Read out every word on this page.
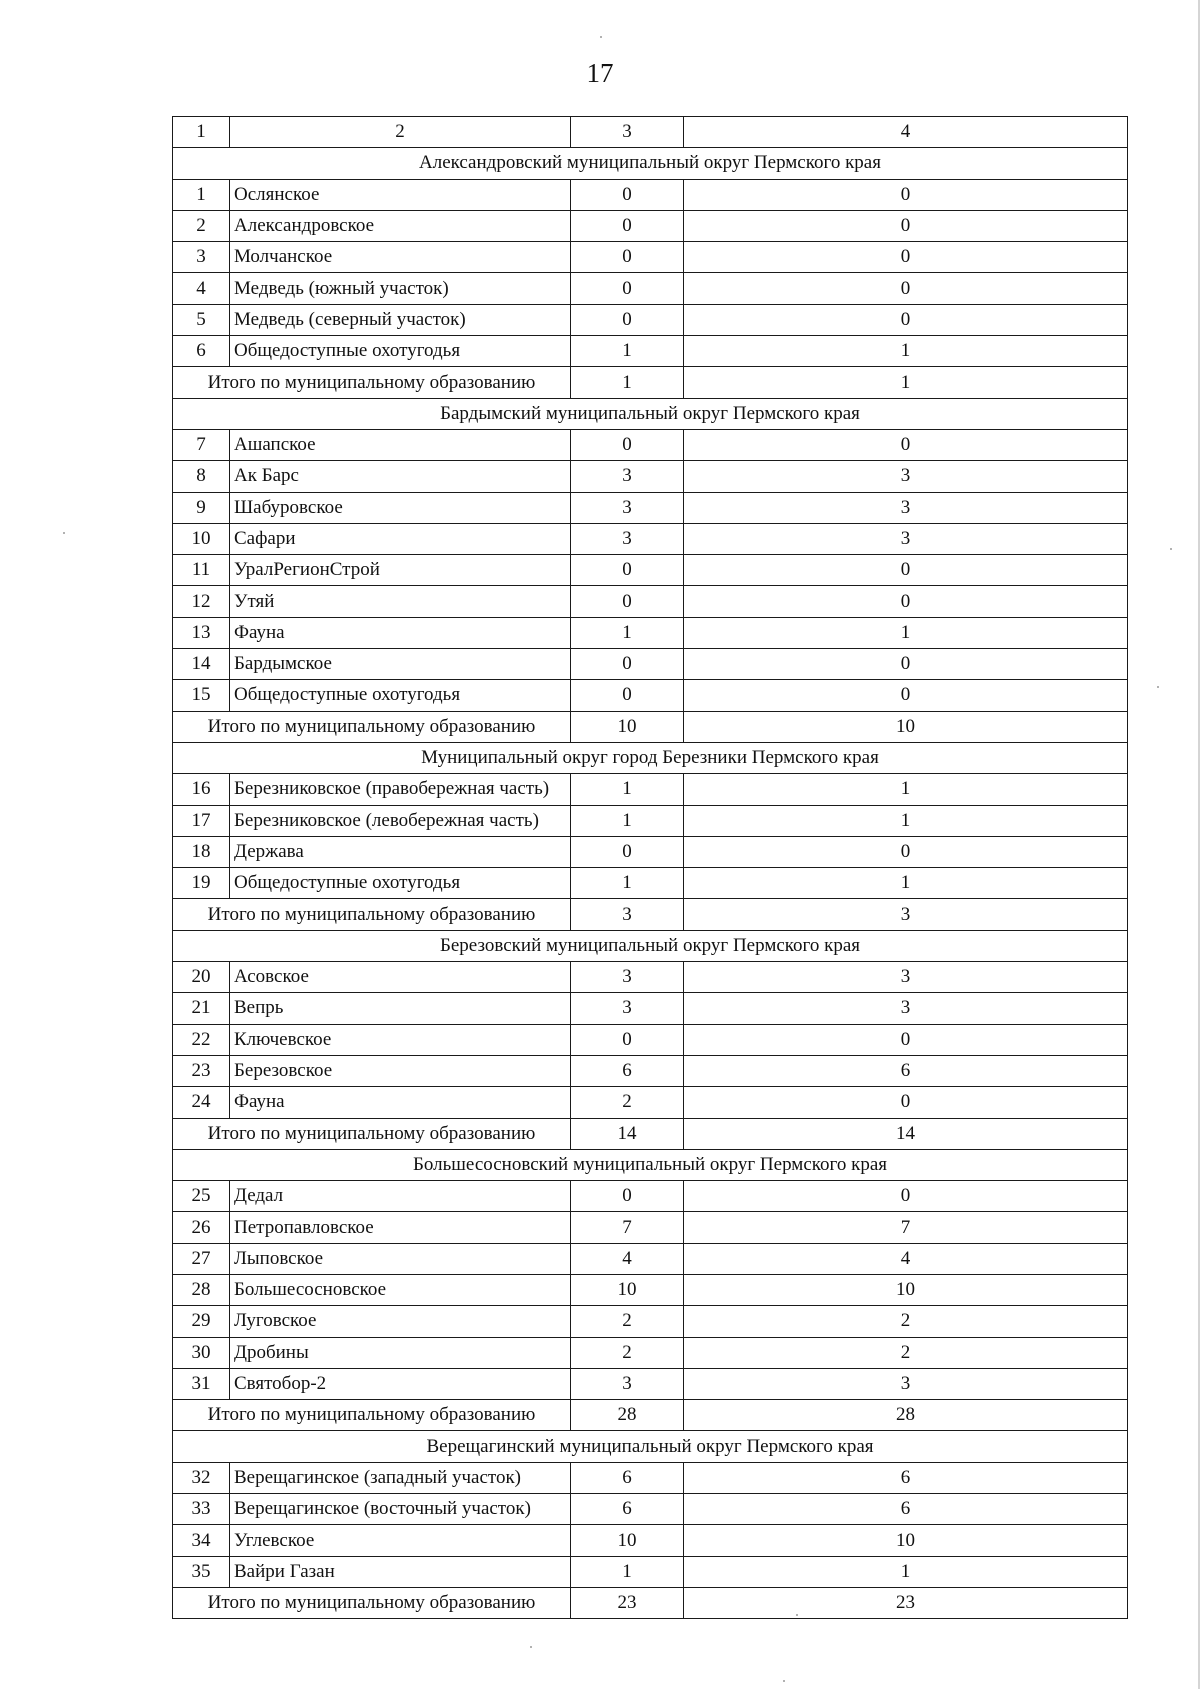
17
1	2	3	4
Александровский муниципальный округ Пермского края			
1	Ослянское	0	0
2	Александровское	0	0
3	Молчанское	0	0
4	Медведь (южный участок)	0	0
5	Медведь (северный участок)	0	0
6	Общедоступные охотугодья	1	1
Итого по муниципальному образованию		1	1
Бардымский муниципальный округ Пермского края			
7	Ашапское	0	0
8	Ак Барс	3	3
9	Шабуровское	3	3
10	Сафари	3	3
11	УралРегионСтрой	0	0
12	Утяй	0	0
13	Фауна	1	1
14	Бардымское	0	0
15	Общедоступные охотугодья	0	0
Итого по муниципальному образованию		10	10
Муниципальный округ город Березники Пермского края			
16	Березниковское (правобережная часть)	1	1
17	Березниковское (левобережная часть)	1	1
18	Держава	0	0
19	Общедоступные охотугодья	1	1
Итого по муниципальному образованию		3	3
Березовский муниципальный округ Пермского края			
20	Асовское	3	3
21	Вепрь	3	3
22	Ключевское	0	0
23	Березовское	6	6
24	Фауна	2	0
Итого по муниципальному образованию		14	14
Большесосновский муниципальный округ Пермского края			
25	Дедал	0	0
26	Петропавловское	7	7
27	Лыповское	4	4
28	Большесосновское	10	10
29	Луговское	2	2
30	Дробины	2	2
31	Святобор-2	3	3
Итого по муниципальному образованию		28	28
Верещагинский муниципальный округ Пермского края			
32	Верещагинское (западный участок)	6	6
33	Верещагинское (восточный участок)	6	6
34	Углевское	10	10
35	Вайри Газан	1	1
Итого по муниципальному образованию		23	23
